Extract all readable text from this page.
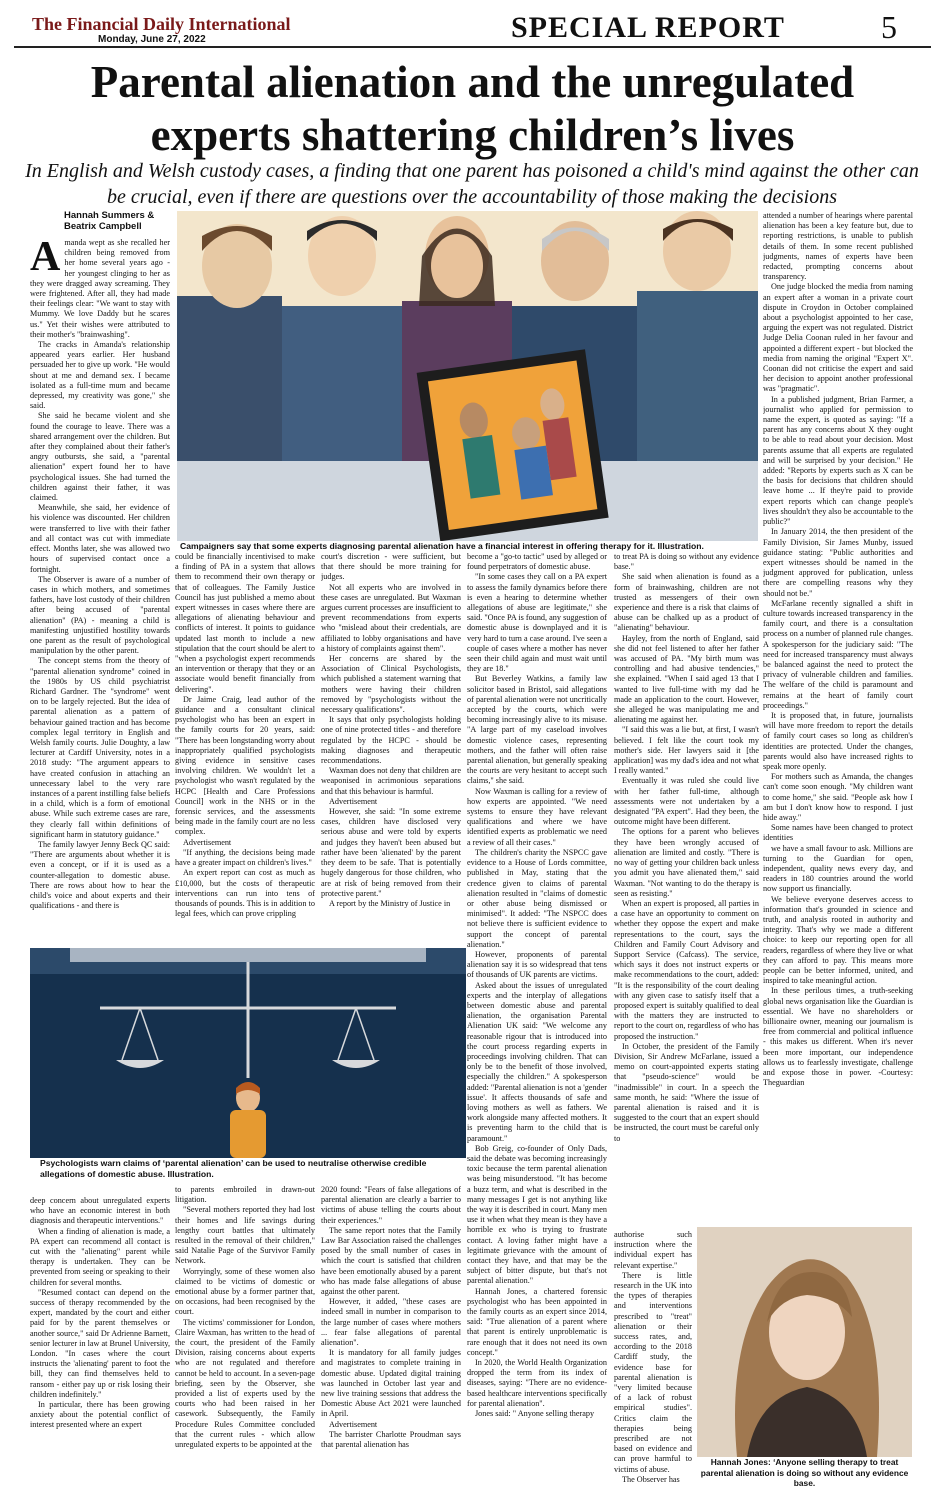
The Financial Daily International
Monday, June 27, 2022	SPECIAL REPORT	5
Parental alienation and the unregulated
experts shattering children’s lives
In English and Welsh custody cases, a finding that one parent has poisoned a child's mind against the other can be crucial, even if there are questions over the accountability of those making the decisions
Hannah Summers &
Beatrix Campbell
Campaigners say that some experts diagnosing parental alienation have a financial interest in offering therapy for it. Illustration.

Amanda wept as she recalled her children being removed from her home several years ago - her youngest clinging to her as they were dragged away screaming. They were frightened. After all, they had made their feelings clear: "We want to stay with Mummy. We love Daddy but he scares us." Yet their wishes were attributed to their mother's "brainwashing".

The cracks in Amanda's relationship appeared years earlier. Her husband persuaded her to give up work. "He would shout at me and demand sex. I became isolated as a full-time mum and became depressed, my creativity was gone," she said.

She said he became violent and she found the courage to leave. There was a shared arrangement over the children. But after they complained about their father's angry outbursts, she said, a "parental alienation" expert found her to have psychological issues. She had turned the children against their father, it was claimed.

Meanwhile, she said, her evidence of his violence was discounted. Her children were transferred to live with their father and all contact was cut with immediate effect. Months later, she was allowed two hours of supervised contact once a fortnight.

The Observer is aware of a number of cases in which mothers, and sometimes fathers, have lost custody of their children after being accused of "parental alienation" (PA) - meaning a child is manifesting unjustified hostility towards one parent as the result of psychological manipulation by the other parent.

The concept stems from the theory of "parental alienation syndrome" coined in the 1980s by US child psychiatrist Richard Gardner. The "syndrome" went on to be largely rejected. But the idea of parental alienation as a pattern of behaviour gained traction and has become complex legal territory in English and Welsh family courts. Julie Doughty, a law lecturer at Cardiff University, notes in a 2018 study: "The argument appears to have created confusion in attaching an unnecessary label to the very rare instances of a parent instilling false beliefs in a child, which is a form of emotional abuse. While such extreme cases are rare, they clearly fall within definitions of significant harm in statutory guidance."

The family lawyer Jenny Beck QC said: "There are arguments about whether it is even a concept, or if it is used as a counter-allegation to domestic abuse. There are rows about how to hear the child's voice and about experts and their qualifications - and there is

could be financially incentivised to make a finding of PA in a system that allows them to recommend their own therapy or that of colleagues. The Family Justice Council has just published a memo about expert witnesses in cases where there are allegations of alienating behaviour and conflicts of interest. It points to guidance updated last month to include a new stipulation that the court should be alert to "when a psychologist expert recommends an intervention or therapy that they or an associate would benefit financially from delivering".

Dr Jaime Craig, lead author of the guidance and a consultant clinical psychologist who has been an expert in the family courts for 20 years, said: "There has been longstanding worry about inappropriately qualified psychologists giving evidence in sensitive cases involving children. We wouldn't let a psychologist who wasn't regulated by the HCPC [Health and Care Professions Council] work in the NHS or in the forensic services, and the assessments being made in the family court are no less complex.

Advertisement

"If anything, the decisions being made have a greater impact on children's lives."

An expert report can cost as much as £10,000, but the costs of therapeutic interventions can run into tens of thousands of pounds. This is in addition to legal fees, which can prove crippling

court's discretion - were sufficient, but that there should be more training for judges.

Not all experts who are involved in these cases are unregulated. But Waxman argues current processes are insufficient to prevent recommendations from experts who "mislead about their credentials, are affiliated to lobby organisations and have a history of complaints against them".

Her concerns are shared by the Association of Clinical Psychologists, which published a statement warning that mothers were having their children removed by "psychologists without the necessary qualifications".

It says that only psychologists holding one of nine protected titles - and therefore regulated by the HCPC - should be making diagnoses and therapeutic recommendations.

Waxman does not deny that children are weaponised in acrimonious separations and that this behaviour is harmful.

Advertisement

However, she said: "In some extreme cases, children have disclosed very serious abuse and were told by experts and judges they haven't been abused but rather have been 'alienated' by the parent they deem to be safe. That is potentially hugely dangerous for those children, who are at risk of being removed from their protective parent."

A report by the Ministry of Justice in

become a "go-to tactic" used by alleged or found perpetrators of domestic abuse.

"In some cases they call on a PA expert to assess the family dynamics before there is even a hearing to determine whether allegations of abuse are legitimate," she said. "Once PA is found, any suggestion of domestic abuse is downplayed and it is very hard to turn a case around. I've seen a couple of cases where a mother has never seen their child again and must wait until they are 18."

But Beverley Watkins, a family law solicitor based in Bristol, said allegations of parental alienation were not uncritically accepted by the courts, which were becoming increasingly alive to its misuse. "A large part of my caseload involves domestic violence cases, representing mothers, and the father will often raise parental alienation, but generally speaking the courts are very hesitant to accept such claims," she said.

Now Waxman is calling for a review of how experts are appointed. "We need systems to ensure they have relevant qualifications and where we have identified experts as problematic we need a review of all their cases."

The children's charity the NSPCC gave evidence to a House of Lords committee, published in May, stating that the credence given to claims of parental alienation resulted in "claims of domestic or other abuse being dismissed or minimised". It added: "The NSPCC does not believe there is sufficient evidence to support the concept of parental alienation."

However, proponents of parental alienation say it is so widespread that tens of thousands of UK parents are victims.

Asked about the issues of unregulated experts and the interplay of allegations between domestic abuse and parental alienation, the organisation Parental Alienation UK said: "We welcome any reasonable rigour that is introduced into the court process regarding experts in proceedings involving children. That can only be to the benefit of those involved, especially the children." A spokesperson added: "Parental alienation is not a 'gender issue'. It affects thousands of safe and loving mothers as well as fathers. We work alongside many affected mothers. It is preventing harm to the child that is paramount."

Bob Greig, co-founder of Only Dads, said the debate was becoming increasingly toxic because the term parental alienation was being misunderstood. "It has become a buzz term, and what is described in the many messages I get is not anything like the way it is described in court. Many men use it when what they mean is they have a horrible ex who is trying to frustrate contact. A loving father might have a legitimate grievance with the amount of contact they have, and that may be the subject of bitter dispute, but that's not parental alienation."

Hannah Jones, a chartered forensic psychologist who has been appointed in the family courts as an expert since 2014, said: "True alienation of a parent where that parent is entirely unproblematic is rare enough that it does not need its own concept."

In 2020, the World Health Organization dropped the term from its index of diseases, saying: "There are no evidence-based healthcare interventions specifically for parental alienation".

Jones said: " Anyone selling therapy

to treat PA is doing so without any evidence base."

She said when alienation is found as a form of brainwashing, children are not trusted as messengers of their own experience and there is a risk that claims of abuse can be chalked up as a product of "alienating" behaviour.

Hayley, from the north of England, said she did not feel listened to after her father was accused of PA. "My birth mum was controlling and had abusive tendencies," she explained. "When I said aged 13 that I wanted to live full-time with my dad he made an application to the court. However, she alleged he was manipulating me and alienating me against her.

"I said this was a lie but, at first, I wasn't believed. I felt like the court took my mother's side. Her lawyers said it [the application] was my dad's idea and not what I really wanted."

Eventually it was ruled she could live with her father full-time, although assessments were not undertaken by a designated "PA expert". Had they been, the outcome might have been different.

The options for a parent who believes they have been wrongly accused of alienation are limited and costly. "There is no way of getting your children back unless you admit you have alienated them," said Waxman. "Not wanting to do the therapy is seen as resisting."

When an expert is proposed, all parties in a case have an opportunity to comment on whether they oppose the expert and make representations to the court, says the Children and Family Court Advisory and Support Service (Cafcass). The service, which says it does not instruct experts or make recommendations to the court, added: "It is the responsibility of the court dealing with any given case to satisfy itself that a proposed expert is suitably qualified to deal with the matters they are instructed to report to the court on, regardless of who has proposed the instruction."

In October, the president of the Family Division, Sir Andrew McFarlane, issued a memo on court-appointed experts stating that "pseudo-science" would be "inadmissible" in court. In a speech the same month, he said: "Where the issue of parental alienation is raised and it is suggested to the court that an expert should be instructed, the court must be careful only to

authorise such instruction where the individual expert has relevant expertise."

There is little research in the UK into the types of therapies and interventions prescribed to "treat" alienation or their success rates, and, according to the 2018 Cardiff study, the evidence base for parental alienation is "very limited because of a lack of robust empirical studies". Critics claim the therapies being prescribed are not based on evidence and can prove harmful to victims of abuse.

The Observer has

attended a number of hearings where parental alienation has been a key feature but, due to reporting restrictions, is unable to publish details of them. In some recent published judgments, names of experts have been redacted, prompting concerns about transparency.

One judge blocked the media from naming an expert after a woman in a private court dispute in Croydon in October complained about a psychologist appointed to her case, arguing the expert was not regulated. District Judge Delia Coonan ruled in her favour and appointed a different expert - but blocked the media from naming the original "Expert X". Coonan did not criticise the expert and said her decision to appoint another professional was "pragmatic".

In a published judgment, Brian Farmer, a journalist who applied for permission to name the expert, is quoted as saying: "If a parent has any concerns about X they ought to be able to read about your decision. Most parents assume that all experts are regulated and will be surprised by your decision." He added: "Reports by experts such as X can be the basis for decisions that children should leave home ... If they're paid to provide expert reports which can change people's lives shouldn't they also be accountable to the public?"

In January 2014, the then president of the Family Division, Sir James Munby, issued guidance stating: "Public authorities and expert witnesses should be named in the judgment approved for publication, unless there are compelling reasons why they should not be."

McFarlane recently signalled a shift in culture towards increased transparency in the family court, and there is a consultation process on a number of planned rule changes. A spokesperson for the judiciary said: "The need for increased transparency must always be balanced against the need to protect the privacy of vulnerable children and families. The welfare of the child is paramount and remains at the heart of family court proceedings."

It is proposed that, in future, journalists will have more freedom to report the details of family court cases so long as children's identities are protected. Under the changes, parents would also have increased rights to speak more openly.

For mothers such as Amanda, the changes can't come soon enough. "My children want to come home," she said. "People ask how I am but I don't know how to respond. I just hide away."

Some names have been changed to protect identities

we have a small favour to ask. Millions are turning to the Guardian for open, independent, quality news every day, and readers in 180 countries around the world now support us financially.

We believe everyone deserves access to information that's grounded in science and truth, and analysis rooted in authority and integrity. That's why we made a different choice: to keep our reporting open for all readers, regardless of where they live or what they can afford to pay. This means more people can be better informed, united, and inspired to take meaningful action.

In these perilous times, a truth-seeking global news organisation like the Guardian is essential. We have no shareholders or billionaire owner, meaning our journalism is free from commercial and political influence - this makes us different. When it's never been more important, our independence allows us to fearlessly investigate, challenge and expose those in power. -Courtesy: Theguardian

Psychologists warn claims of ‘parental alienation’ can be used to neutralise otherwise credible allegations of domestic abuse. Illustration.

deep concern about unregulated experts who have an economic interest in both diagnosis and therapeutic interventions."

When a finding of alienation is made, a PA expert can recommend all contact is cut with the "alienating" parent while therapy is undertaken. They can be prevented from seeing or speaking to their children for several months.

"Resumed contact can depend on the success of therapy recommended by the expert, mandated by the court and either paid for by the parent themselves or another source," said Dr Adrienne Barnett, senior lecturer in law at Brunel University, London. "In cases where the court instructs the 'alienating' parent to foot the bill, they can find themselves held to ransom - either pay up or risk losing their children indefinitely."

In particular, there has been growing anxiety about the potential conflict of interest presented where an expert

to parents embroiled in drawn-out litigation.

"Several mothers reported they had lost their homes and life savings during lengthy court battles that ultimately resulted in the removal of their children," said Natalie Page of the Survivor Family Network.

Worryingly, some of these women also claimed to be victims of domestic or emotional abuse by a former partner that, on occasions, had been recognised by the court.

The victims' commissioner for London, Claire Waxman, has written to the head of the court, the president of the Family Division, raising concerns about experts who are not regulated and therefore cannot be held to account. In a seven-page briefing, seen by the Observer, she provided a list of experts used by the courts who had been raised in her casework. Subsequently, the Family Procedure Rules Committee concluded that the current rules - which allow unregulated experts to be appointed at the

2020 found: "Fears of false allegations of parental alienation are clearly a barrier to victims of abuse telling the courts about their experiences."

The same report notes that the Family Law Bar Association raised the challenges posed by the small number of cases in which the court is satisfied that children have been emotionally abused by a parent who has made false allegations of abuse against the other parent.

However, it added, "these cases are indeed small in number in comparison to the large number of cases where mothers ... fear false allegations of parental alienation".

It is mandatory for all family judges and magistrates to complete training in domestic abuse. Updated digital training was launched in October last year and new live training sessions that address the Domestic Abuse Act 2021 were launched in April.

Advertisement

The barrister Charlotte Proudman says that parental alienation has

Hannah Jones: ‘Anyone selling therapy to treat parental alienation is doing so without any evidence base.
